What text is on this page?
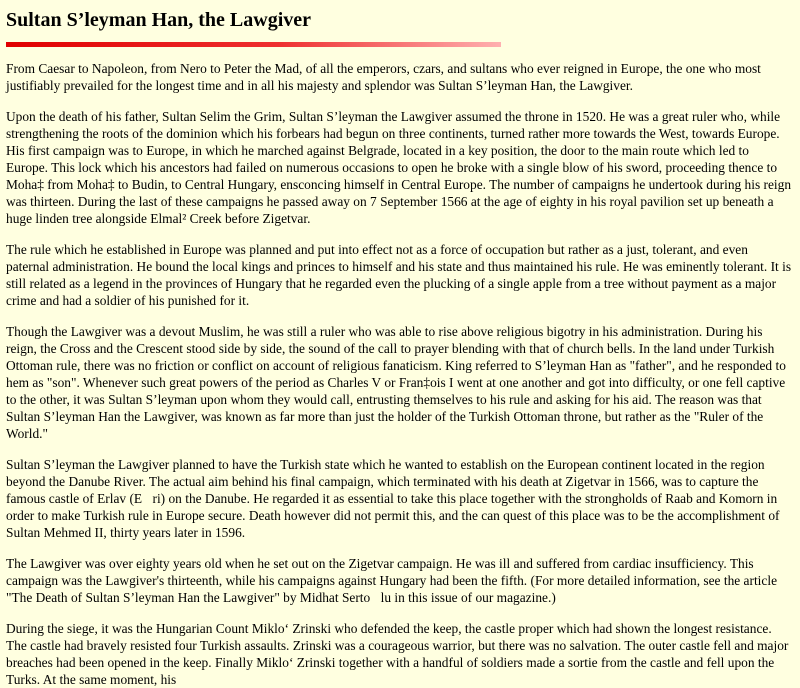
Sultan S’leyman Han, the Lawgiver

From Caesar to Napoleon, from Nero to Peter the Mad, of all the emperors, czars, and sultans who ever reigned in Europe, the one who most justifiably prevailed for the longest time and in all his majesty and splendor was Sultan S’leyman Han, the Lawgiver.

Upon the death of his father, Sultan Selim the Grim, Sultan S’leyman the Lawgiver assumed the throne in 1520. He was a great ruler who, while strengthening the roots of the dominion which his forbears had begun on three continents, turned rather more towards the West, towards Europe. His first campaign was to Europe, in which he marched against Belgrade, located in a key position, the door to the main route which led to Europe. This lock which his ancestors had failed on numerous occasions to open he broke with a single blow of his sword, proceeding thence to Moha‡ from Moha‡ to Budin, to Central Hungary, ensconcing himself in Central Europe. The number of campaigns he undertook during his reign was thirteen. During the last of these campaigns he passed away on 7 September 1566 at the age of eighty in his royal pavilion set up beneath a huge linden tree alongside Elmal² Creek before Zigetvar.

The rule which he established in Europe was planned and put into effect not as a force of occupation but rather as a just, tolerant, and even paternal administration. He bound the local kings and princes to himself and his state and thus maintained his rule. He was eminently tolerant. It is still related as a legend in the provinces of Hungary that he regarded even the plucking of a single apple from a tree without payment as a major crime and had a soldier of his punished for it.

Though the Lawgiver was a devout Muslim, he was still a ruler who was able to rise above religious bigotry in his administration. During his reign, the Cross and the Crescent stood side by side, the sound of the call to prayer blending with that of church bells. In the land under Turkish Ottoman rule, there was no friction or conflict on account of religious fanaticism. King referred to S’leyman Han as "father", and he responded to hem as "son". Whenever such great powers of the period as Charles V or Fran‡ois I went at one another and got into difficulty, or one fell captive to the other, it was Sultan S’leyman upon whom they would call, entrusting themselves to his rule and asking for his aid. The reason was that Sultan S’leyman Han the Lawgiver, was known as far more than just the holder of the Turkish Ottoman throne, but rather as the "Ruler of the World."

Sultan S’leyman the Lawgiver planned to have the Turkish state which he wanted to establish on the European continent located in the region beyond the Danube River. The actual aim behind his final campaign, which terminated with his death at Zigetvar in 1566, was to capture the famous castle of Erlav (E ri) on the Danube. He regarded it as essential to take this place together with the strongholds of Raab and Komorn in order to make Turkish rule in Europe secure. Death however did not permit this, and the can quest of this place was to be the accomplishment of Sultan Mehmed II, thirty years later in 1596.

The Lawgiver was over eighty years old when he set out on the Zigetvar campaign. He was ill and suffered from cardiac insufficiency. This campaign was the Lawgiver's thirteenth, while his campaigns against Hungary had been the fifth. (For more detailed information, see the article "The Death of Sultan S’leyman Han the Lawgiver" by Midhat Serto lu in this issue of our magazine.)

During the siege, it was the Hungarian Count Miklo‘ Zrinski who defended the keep, the castle proper which had shown the longest resistance. The castle had bravely resisted four Turkish assaults. Zrinski was a courageous warrior, but there was no salvation. The outer castle fell and major breaches had been opened in the keep. Finally Miklo‘ Zrinski together with a handful of soldiers made a sortie from the castle and fell upon the Turks. At the same moment, his
